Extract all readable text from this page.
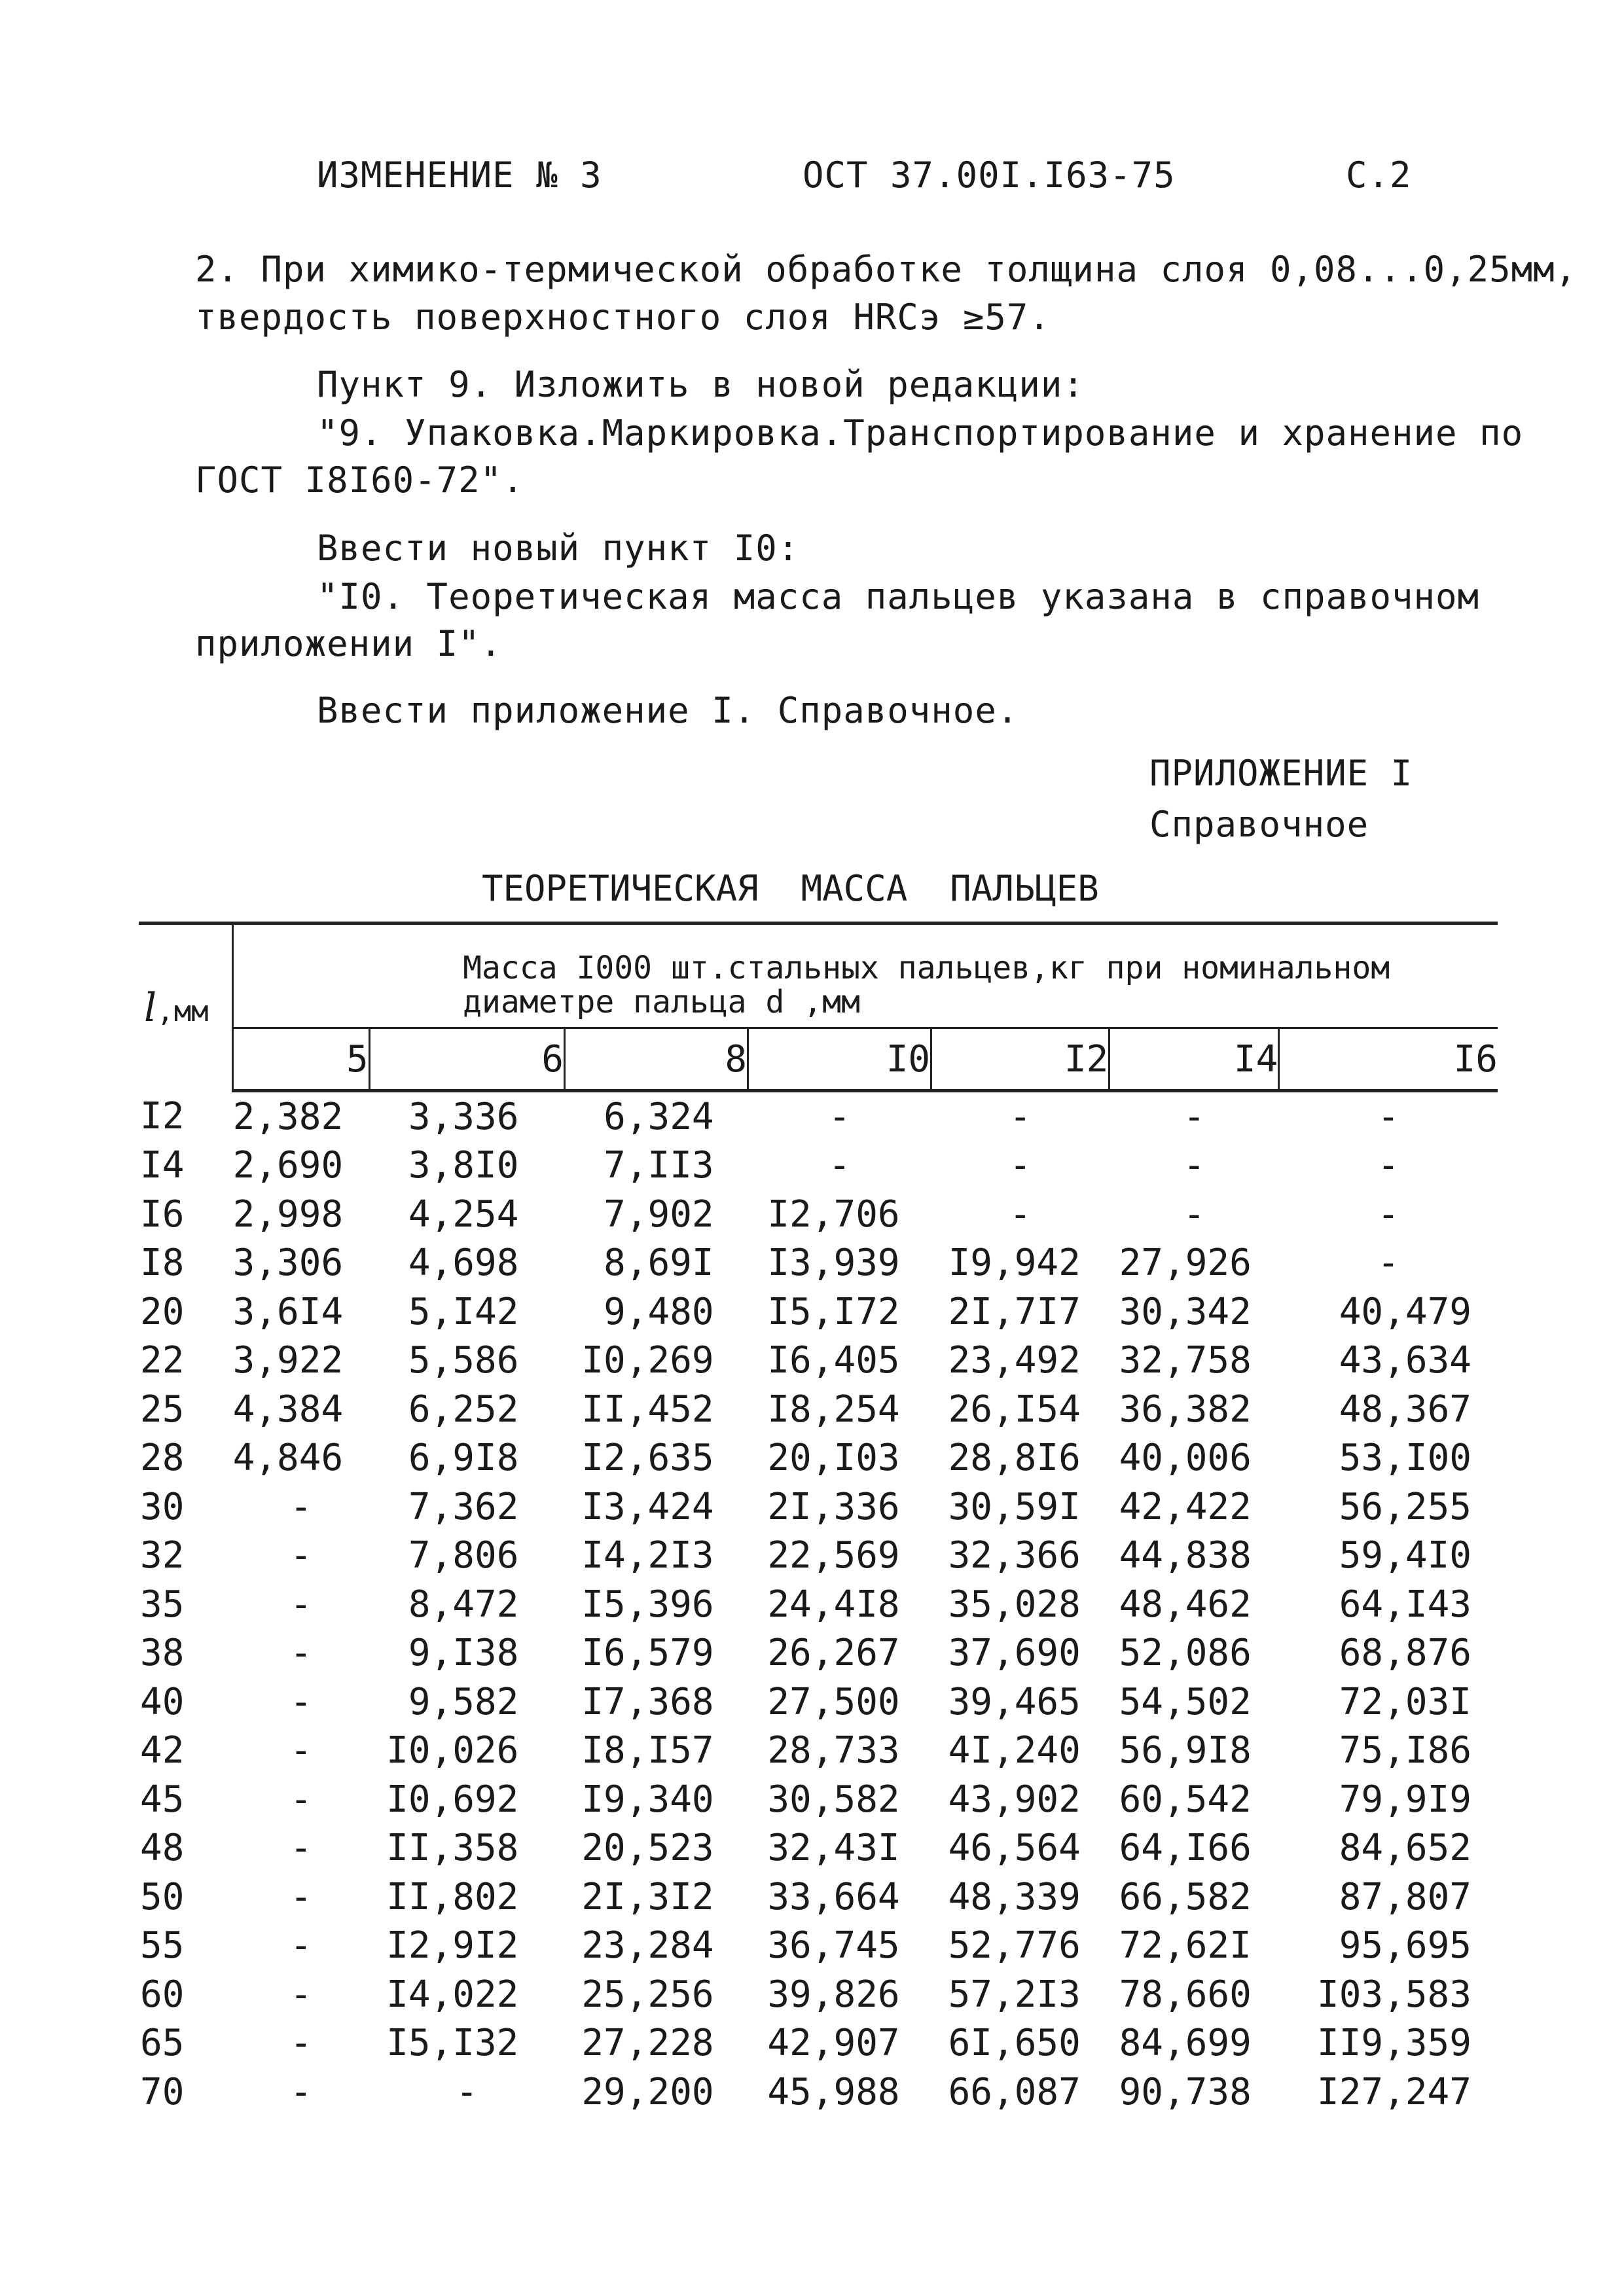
ИЗМЕНЕНИЕ № 3	ОСТ 37.00I.I63-75	С.2
2. При химико-термической обработке толщина слоя 0,08...0,25мм,
твердость поверхностного слоя HRCэ ≥57.
Пункт 9. Изложить в новой редакции:
"9. Упаковка.Маркировка.Транспортирование и хранение по
ГОСТ I8I60-72".
Ввести новый пункт I0:
"I0. Теоретическая масса пальцев указана в справочном
приложении I".
Ввести приложение I. Справочное.
ПРИЛОЖЕНИЕ I
Справочное
ТЕОРЕТИЧЕСКАЯ  МАССА  ПАЛЬЦЕВ

l,мм	Масса I000 шт.стальных пальцев,кг при номинальном
диаметре пальца d ,мм						

	5	6	8	I0	I2	I4	I6
I2	2,382	3,336	6,324	-	-	-	-
I4	2,690	3,8I0	7,II3	-	-	-	-
I6	2,998	4,254	7,902	I2,706	-	-	-
I8	3,306	4,698	8,69I	I3,939	I9,942	27,926	-
20	3,6I4	5,I42	9,480	I5,I72	2I,7I7	30,342	40,479
22	3,922	5,586	I0,269	I6,405	23,492	32,758	43,634
25	4,384	6,252	II,452	I8,254	26,I54	36,382	48,367
28	4,846	6,9I8	I2,635	20,I03	28,8I6	40,006	53,I00
30	-	7,362	I3,424	2I,336	30,59I	42,422	56,255
32	-	7,806	I4,2I3	22,569	32,366	44,838	59,4I0
35	-	8,472	I5,396	24,4I8	35,028	48,462	64,I43
38	-	9,I38	I6,579	26,267	37,690	52,086	68,876
40	-	9,582	I7,368	27,500	39,465	54,502	72,03I
42	-	I0,026	I8,I57	28,733	4I,240	56,9I8	75,I86
45	-	I0,692	I9,340	30,582	43,902	60,542	79,9I9
48	-	II,358	20,523	32,43I	46,564	64,I66	84,652
50	-	II,802	2I,3I2	33,664	48,339	66,582	87,807
55	-	I2,9I2	23,284	36,745	52,776	72,62I	95,695
60	-	I4,022	25,256	39,826	57,2I3	78,660	I03,583
65	-	I5,I32	27,228	42,907	6I,650	84,699	II9,359
70	-	-	29,200	45,988	66,087	90,738	I27,247
